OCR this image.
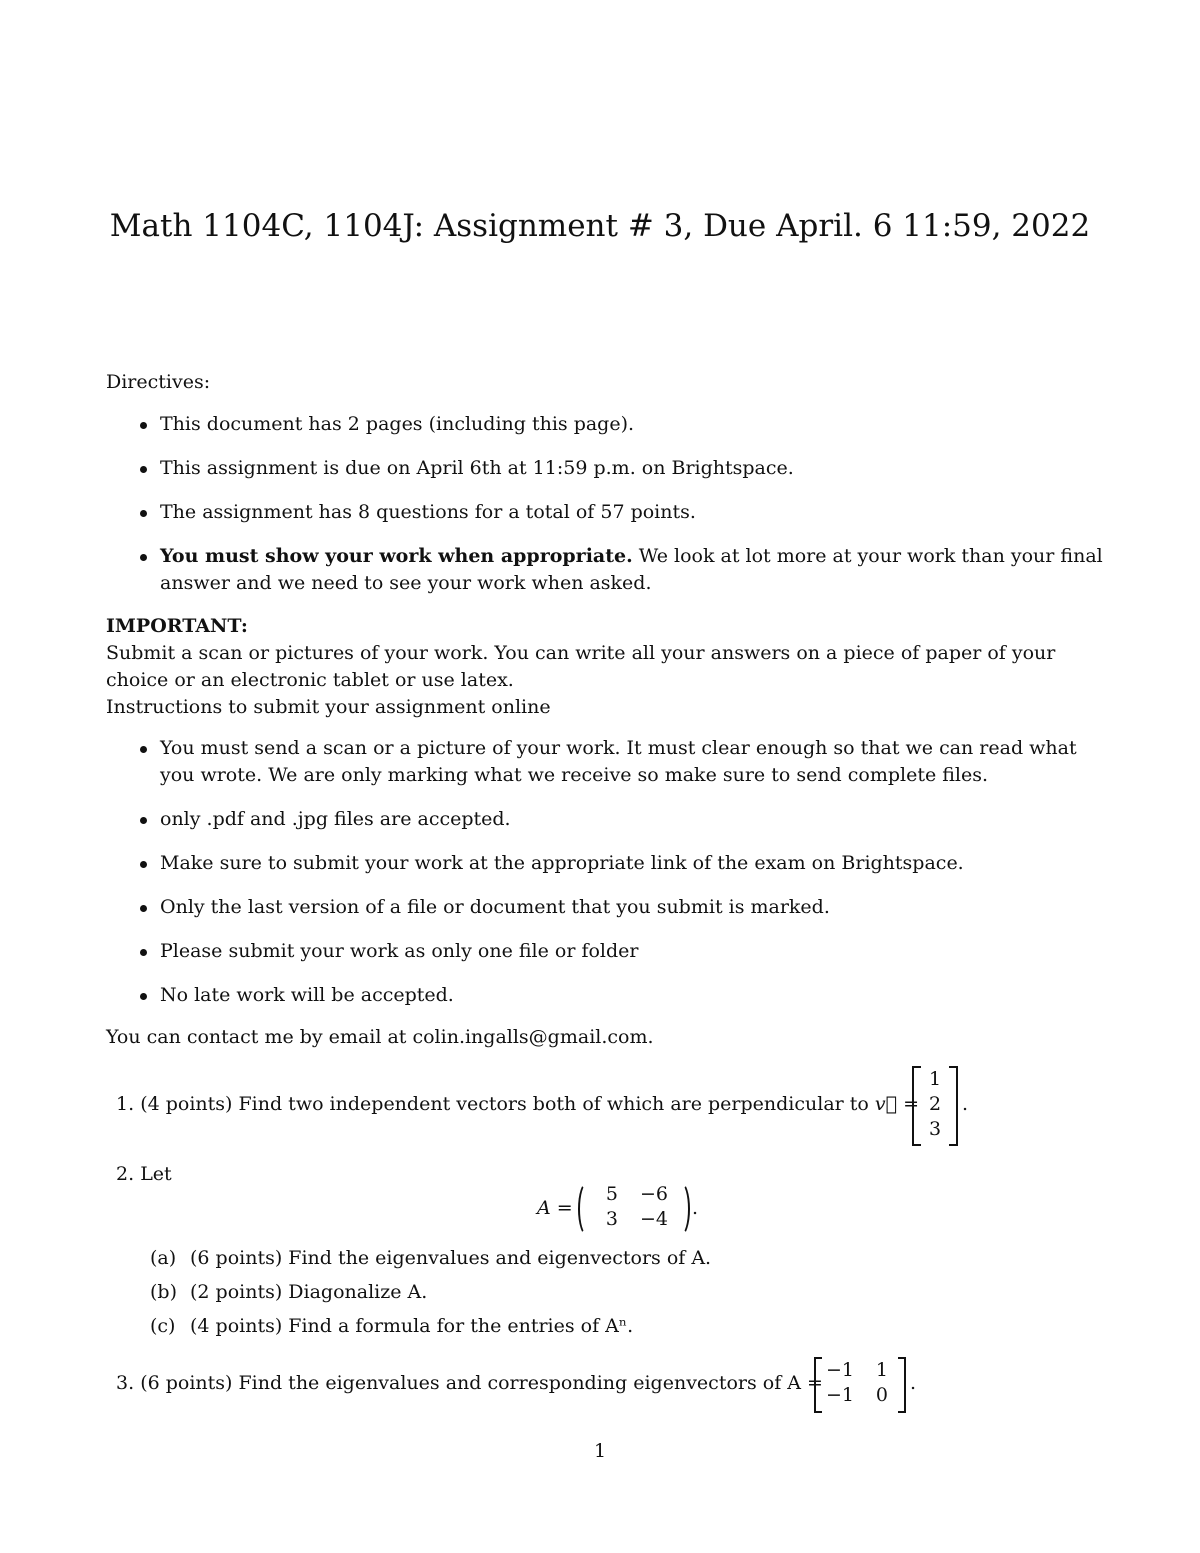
Math 1104C, 1104J: Assignment # 3, Due April. 6 11:59, 2022
Directives:
This document has 2 pages (including this page).
This assignment is due on April 6th at 11:59 p.m. on Brightspace.
The assignment has 8 questions for a total of 57 points.
You must show your work when appropriate. We look at lot more at your work than your final answer and we need to see your work when asked.
IMPORTANT:
Submit a scan or pictures of your work. You can write all your answers on a piece of paper of your choice or an electronic tablet or use latex.
Instructions to submit your assignment online
You must send a scan or a picture of your work. It must clear enough so that we can read what you wrote. We are only marking what we receive so make sure to send complete files.
only .pdf and .jpg files are accepted.
Make sure to submit your work at the appropriate link of the exam on Brightspace.
Only the last version of a file or document that you submit is marked.
Please submit your work as only one file or folder
No late work will be accepted.
You can contact me by email at colin.ingalls@gmail.com.
1. (4 points) Find two independent vectors both of which are perpendicular to v⃗ =
1
2
3
.
2. Let
A =
5	−6
3	−4 .
(a) (6 points) Find the eigenvalues and eigenvectors of A.
(b) (2 points) Diagonalize A.
(c) (4 points) Find a formula for the entries of Aⁿ.
3. (6 points) Find the eigenvalues and corresponding eigenvectors of A =
−1	1
−1	0
.
1
